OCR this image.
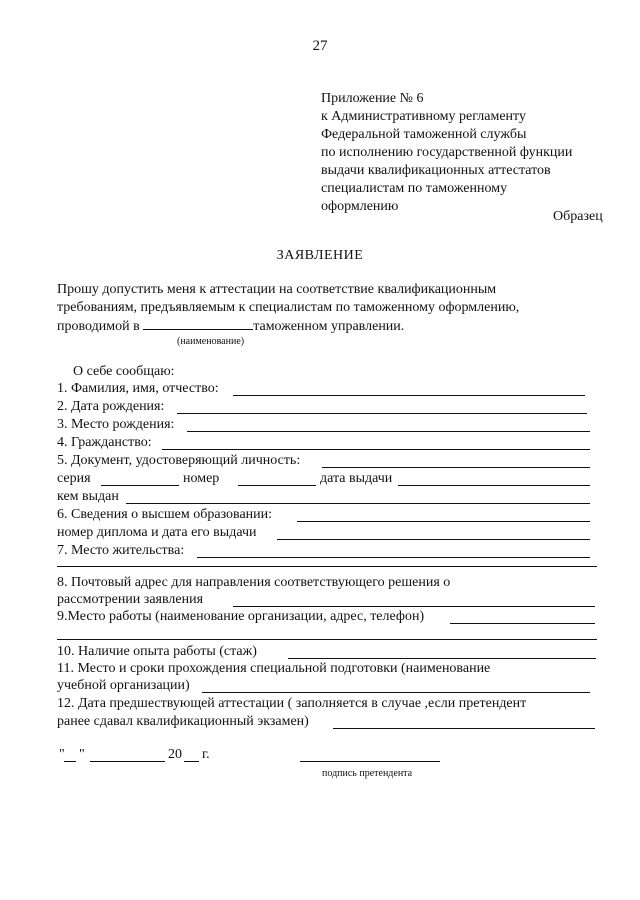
27
Приложение № 6
к Административному регламенту
Федеральной таможенной службы
по исполнению государственной функции
выдачи квалификационных аттестатов
специалистам по таможенному
оформлению
Образец
ЗАЯВЛЕНИЕ
Прошу допустить меня к аттестации на соответствие квалификационным
требованиям, предъявляемым к специалистам по таможенному оформлению,
проводимой в	таможенном управлении.
(наименование)
О себе сообщаю:
1. Фамилия, имя, отчество:
2. Дата рождения:
3. Место рождения:
4. Гражданство:
5. Документ, удостоверяющий личность:
серия	номер	дата выдачи
кем выдан
6. Сведения о высшем образовании:
номер диплома и дата его выдачи
7. Место жительства:
8. Почтовый адрес для направления соответствующего решения о
рассмотрении заявления
9.Место работы (наименование организации, адрес, телефон)
10. Наличие опыта работы (стаж)
11. Место и сроки прохождения специальной подготовки (наименование
учебной организации)
12. Дата предшествующей аттестации ( заполняется в случае ,если претендент
ранее сдавал квалификационный экзамен)
" "	20 г.
подпись претендента
